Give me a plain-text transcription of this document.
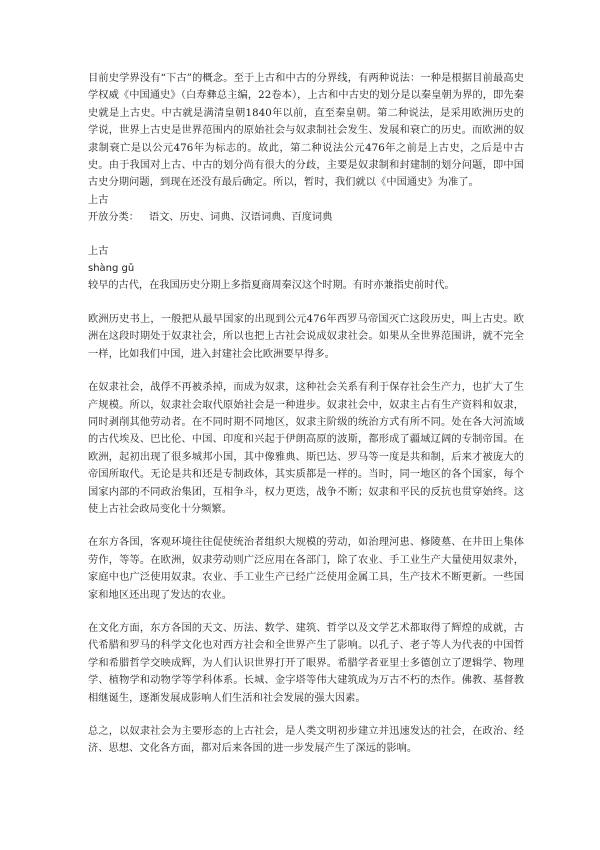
目前史学界没有“下古”的概念。至于上古和中古的分界线，有两种说法：一种是根据目前最高史学权威《中国通史》（白寿彝总主编，22卷本），上古和中古史的划分是以秦皇朝为界的，即先秦史就是上古史。中古就是满清皇朝1840年以前，直至秦皇朝。第二种说法，是采用欧洲历史的学说，世界上古史是世界范围内的原始社会与奴隶制社会发生、发展和衰亡的历史。而欧洲的奴隶制衰亡是以公元476年为标志的。故此，第二种说法公元476年之前是上古史，之后是中古史。由于我国对上古、中古的划分尚有很大的分歧，主要是奴隶制和封建制的划分问题，即中国古史分期问题，到现在还没有最后确定。所以，暂时，我们就以《中国通史》为准了。

上古

开放分类： 语文、历史、词典、汉语词典、百度词典

上古

shàng gǔ

较早的古代，在我国历史分期上多指夏商周秦汉这个时期。有时亦兼指史前时代。

欧洲历史书上，一般把从最早国家的出现到公元476年西罗马帝国灭亡这段历史，叫上古史。欧洲在这段时期处于奴隶社会，所以也把上古社会说成奴隶社会。如果从全世界范围讲，就不完全一样，比如我们中国，进入封建社会比欧洲要早得多。

在奴隶社会，战俘不再被杀掉，而成为奴隶，这种社会关系有利于保存社会生产力，也扩大了生产规模。所以，奴隶社会取代原始社会是一种进步。奴隶社会中，奴隶主占有生产资料和奴隶，同时剥削其他劳动者。在不同时期不同地区，奴隶主阶级的统治方式有所不同。处在各大河流域的古代埃及、巴比伦、中国、印度和兴起于伊朗高原的波斯，都形成了疆域辽阔的专制帝国。在欧洲，起初出现了很多城邦小国，其中像雅典、斯巴达、罗马等一度是共和制，后来才被庞大的帝国所取代。无论是共和还是专制政体，其实质都是一样的。当时，同一地区的各个国家，每个国家内部的不同政治集团，互相争斗，权力更迭，战争不断；奴隶和平民的反抗也贯穿始终。这使上古社会政局变化十分频繁。

在东方各国，客观环境往往促使统治者组织大规模的劳动，如治理河患、修陵墓、在井田上集体劳作，等等。在欧洲，奴隶劳动则广泛应用在各部门，除了农业、手工业生产大量使用奴隶外，家庭中也广泛使用奴隶。农业、手工业生产已经广泛使用金属工具，生产技术不断更新。一些国家和地区还出现了发达的农业。

在文化方面，东方各国的天文、历法、数学、建筑、哲学以及文学艺术都取得了辉煌的成就，古代希腊和罗马的科学文化也对西方社会和全世界产生了影响。以孔子、老子等人为代表的中国哲学和希腊哲学交映成辉，为人们认识世界打开了眼界。希腊学者亚里士多德创立了逻辑学、物理学、植物学和动物学等学科体系。长城、金字塔等伟大建筑成为万古不朽的杰作。佛教、基督教相继诞生，逐渐发展成影响人们生活和社会发展的强大因素。

总之，以奴隶社会为主要形态的上古社会，是人类文明初步建立并迅速发达的社会，在政治、经济、思想、文化各方面，都对后来各国的进一步发展产生了深远的影响。
